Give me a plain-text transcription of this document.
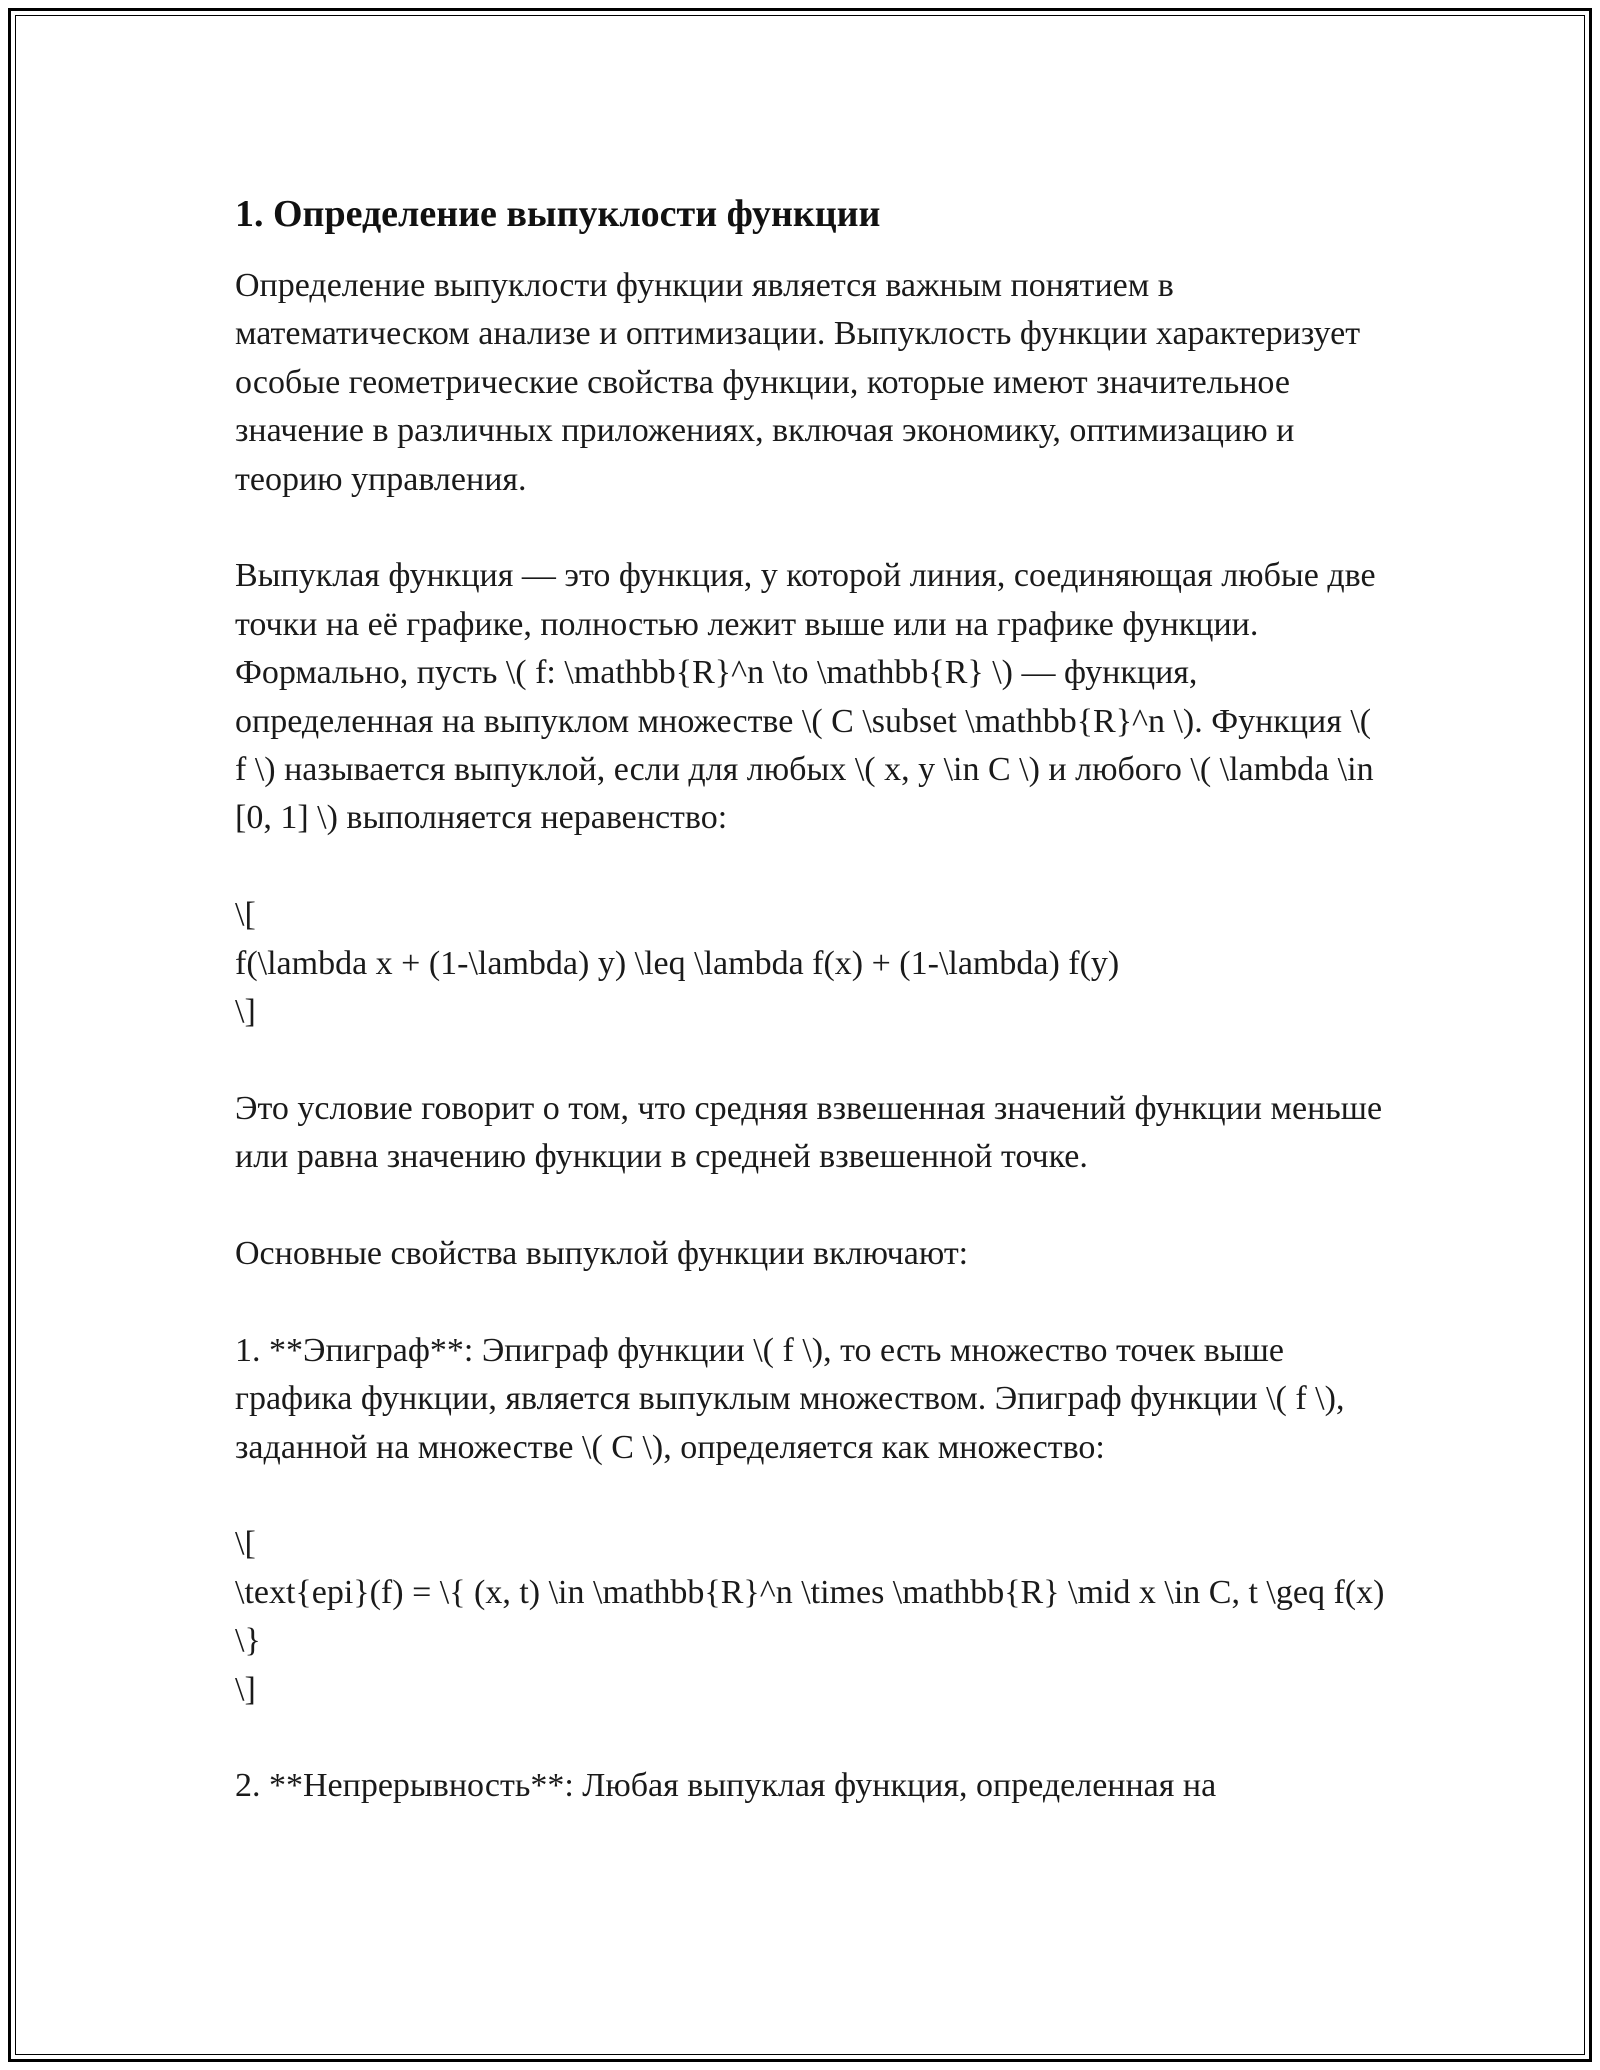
1. Определение выпуклости функции

Определение выпуклости функции является важным понятием в математическом анализе и оптимизации. Выпуклость функции характеризует особые геометрические свойства функции, которые имеют значительное значение в различных приложениях, включая экономику, оптимизацию и теорию управления.

Выпуклая функция — это функция, у которой линия, соединяющая любые две точки на её графике, полностью лежит выше или на графике функции. Формально, пусть \( f: \mathbb{R}^n \to \mathbb{R} \) — функция, определенная на выпуклом множестве \( C \subset \mathbb{R}^n \). Функция \( f \) называется выпуклой, если для любых \( x, y \in C \) и любого \( \lambda \in [0, 1] \) выполняется неравенство:

\[
f(\lambda x + (1-\lambda) y) \leq \lambda f(x) + (1-\lambda) f(y)
\]

Это условие говорит о том, что средняя взвешенная значений функции меньше или равна значению функции в средней взвешенной точке.

Основные свойства выпуклой функции включают:

1. **Эпиграф**: Эпиграф функции \( f \), то есть множество точек выше графика функции, является выпуклым множеством. Эпиграф функции \( f \), заданной на множестве \( C \), определяется как множество:

\[
\text{epi}(f) = \{ (x, t) \in \mathbb{R}^n \times \mathbb{R} \mid x \in C, t \geq f(x) \}
\]

2. **Непрерывность**: Любая выпуклая функция, определенная на
